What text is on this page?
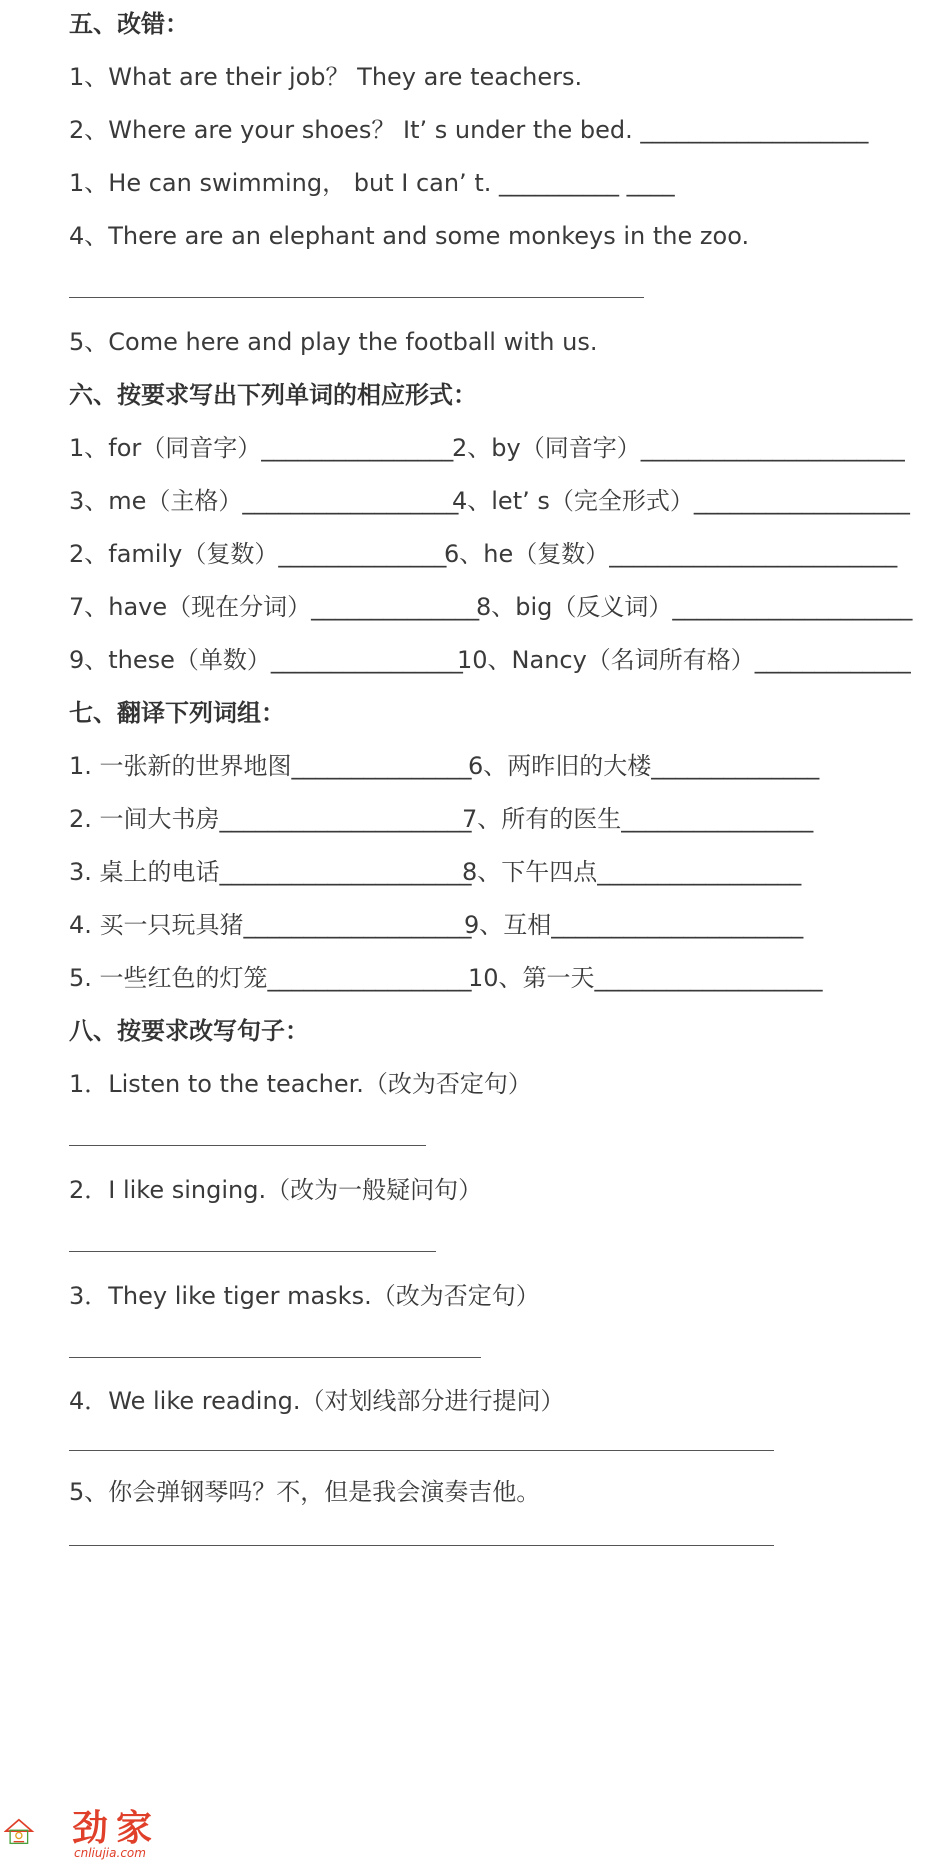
五、改错：
1、What are their job？ They are teachers.
2、Where are your shoes？ It’ s under the bed. ___________________
1、He can swimming， but I can’ t. __________ ____
4、There are an elephant and some monkeys in the zoo.
5、Come here and play the football with us.
六、按要求写出下列单词的相应形式：
1、for（同音字）________________
2、by（同音字）______________________
3、me（主格）__________________
4、let’ s（完全形式）__________________
2、family（复数）______________
6、he（复数）________________________
7、have（现在分词）______________
8、big（反义词）____________________
9、these（单数）________________
10、Nancy（名词所有格）_____________
七、翻译下列词组：
1. 一张新的世界地图_______________
6、两昨旧的大楼______________
2. 一间大书房_____________________
7、所有的医生________________
3. 桌上的电话_____________________
8、下午四点_________________
4. 买一只玩具猪___________________
9、互相_____________________
5. 一些红色的灯笼_________________
10、第一天___________________
八、按要求改写句子：
1．Listen to the teacher.（改为否定句）
2．I like singing.（改为一般疑问句）
3．They like tiger masks.（改为否定句）
4．We like reading.（对划线部分进行提问）
5、你会弹钢琴吗？不，但是我会演奏吉他。
劲家
cnliujia.com
